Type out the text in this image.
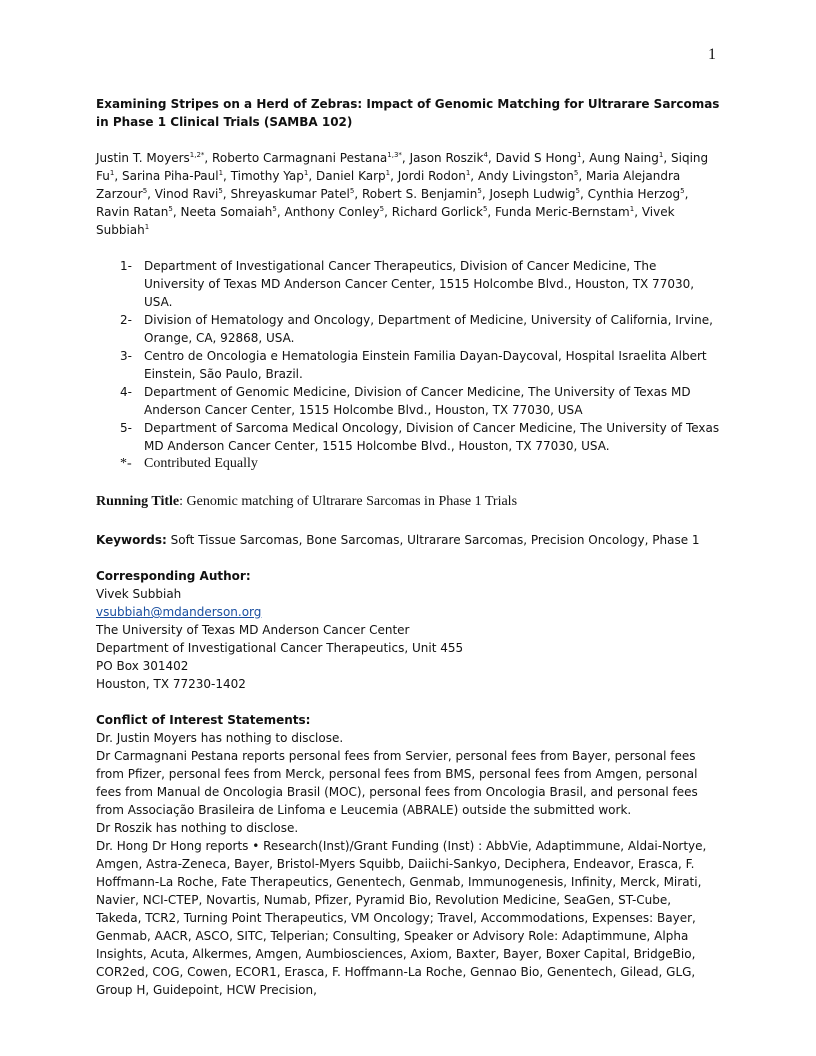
1

Examining Stripes on a Herd of Zebras: Impact of Genomic Matching for Ultrarare Sarcomas in Phase 1 Clinical Trials (SAMBA 102)

Justin T. Moyers$^{1,2*}$, Roberto Carmagnani Pestana$^{1,3*}$, Jason Roszik$^4$, David S Hong$^1$, Aung Naing$^1$, Siqing Fu$^1$, Sarina Piha-Paul$^1$, Timothy Yap$^1$, Daniel Karp$^1$, Jordi Rodon$^1$, Andy Livingston$^5$, Maria Alejandra Zarzour$^5$, Vinod Ravi$^5$, Shreyaskumar Patel$^5$, Robert S. Benjamin$^5$, Joseph Ludwig$^5$, Cynthia Herzog$^5$, Ravin Ratan$^5$, Neeta Somaiah$^5$, Anthony Conley$^5$, Richard Gorlick$^5$, Funda Meric-Bernstam$^1$, Vivek Subbiah$^1$

1-	Department of Investigational Cancer Therapeutics, Division of Cancer Medicine, The University of Texas MD Anderson Cancer Center, 1515 Holcombe Blvd., Houston, TX 77030, USA.
2-	Division of Hematology and Oncology, Department of Medicine, University of California, Irvine, Orange, CA, 92868, USA.
3-	Centro de Oncologia e Hematologia Einstein Familia Dayan-Daycoval, Hospital Israelita Albert Einstein, São Paulo, Brazil.
4-	Department of Genomic Medicine, Division of Cancer Medicine, The University of Texas MD Anderson Cancer Center, 1515 Holcombe Blvd., Houston, TX 77030, USA
5-	Department of Sarcoma Medical Oncology, Division of Cancer Medicine, The University of Texas MD Anderson Cancer Center, 1515 Holcombe Blvd., Houston, TX 77030, USA.
*- Contributed Equally

Running Title: Genomic matching of Ultrarare Sarcomas in Phase 1 Trials

Keywords: Soft Tissue Sarcomas, Bone Sarcomas, Ultrarare Sarcomas, Precision Oncology, Phase 1

Corresponding Author:
Vivek Subbiah
vsubbiah@mdanderson.org
The University of Texas MD Anderson Cancer Center
Department of Investigational Cancer Therapeutics, Unit 455
PO Box 301402
Houston, TX 77230-1402
Conflict of Interest Statements:
Dr. Justin Moyers has nothing to disclose.
Dr Carmagnani Pestana reports personal fees from Servier, personal fees from Bayer, personal fees from Pfizer, personal fees from Merck, personal fees from BMS, personal fees from Amgen, personal fees from Manual de Oncologia Brasil (MOC), personal fees from Oncologia Brasil, and personal fees from Associação Brasileira de Linfoma e Leucemia (ABRALE) outside the submitted work.
Dr Roszik has nothing to disclose.
Dr. Hong Dr Hong reports • Research(Inst)/Grant Funding (Inst) : AbbVie, Adaptimmune, Aldai-Nortye, Amgen, Astra-Zeneca, Bayer, Bristol-Myers Squibb, Daiichi-Sankyo, Deciphera, Endeavor, Erasca, F. Hoffmann-La Roche, Fate Therapeutics, Genentech, Genmab, Immunogenesis, Infinity, Merck, Mirati, Navier, NCI-CTEP, Novartis, Numab, Pfizer, Pyramid Bio, Revolution Medicine, SeaGen, ST-Cube, Takeda, TCR2, Turning Point Therapeutics, VM Oncology; Travel, Accommodations, Expenses: Bayer, Genmab, AACR, ASCO, SITC, Telperian; Consulting, Speaker or Advisory Role: Adaptimmune, Alpha Insights, Acuta, Alkermes, Amgen, Aumbiosciences, Axiom, Baxter, Bayer, Boxer Capital, BridgeBio, COR2ed, COG, Cowen, ECOR1, Erasca, F. Hoffmann-La Roche, Gennao Bio, Genentech, Gilead, GLG, Group H, Guidepoint, HCW Precision,
